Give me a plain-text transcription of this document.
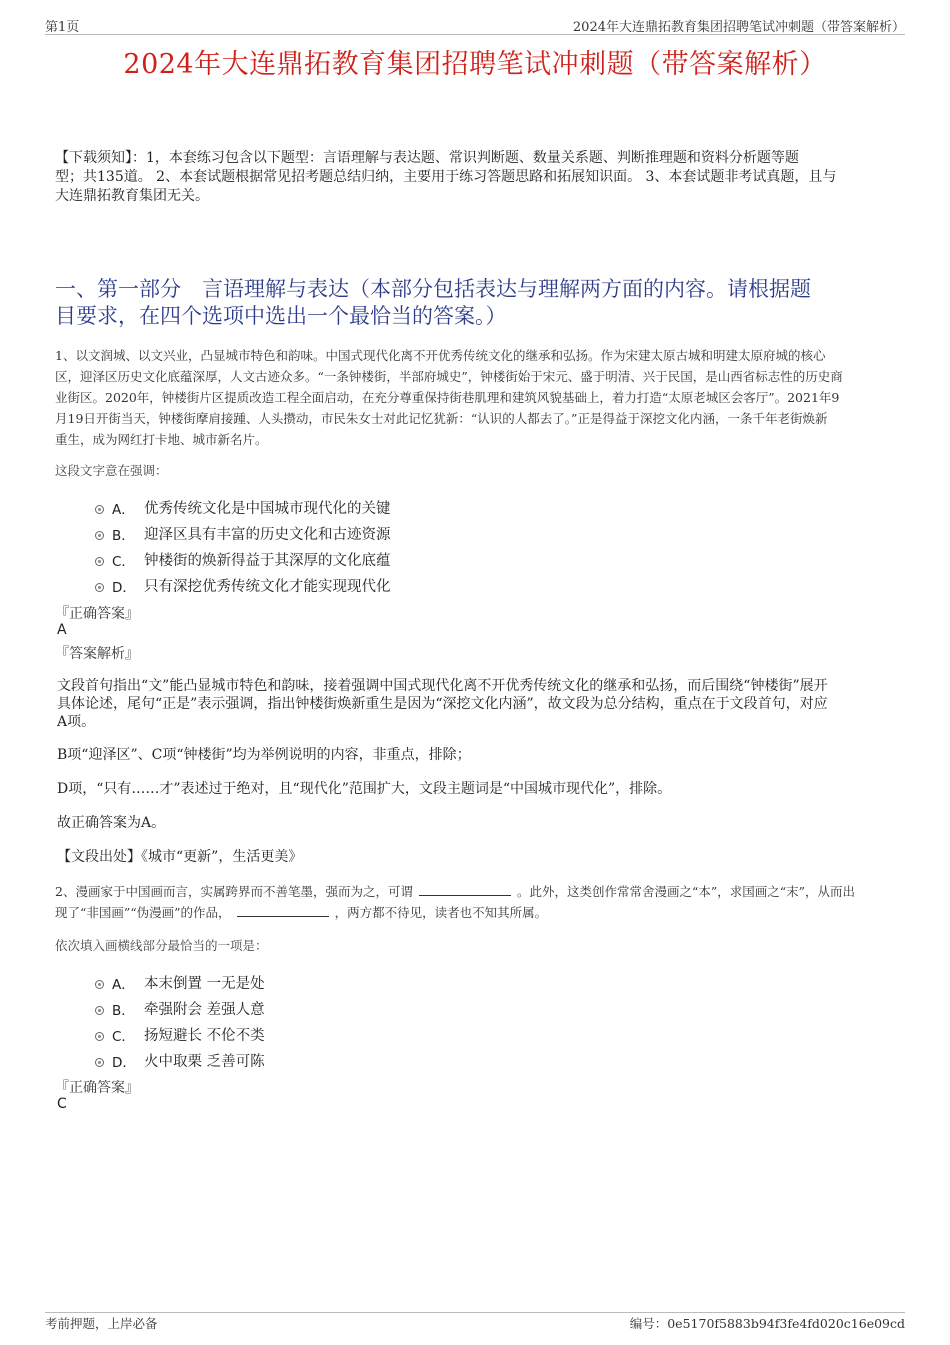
第1页	2024年大连鼎拓教育集团招聘笔试冲刺题（带答案解析）
2024年大连鼎拓教育集团招聘笔试冲刺题（带答案解析）
【下载须知】：1，本套练习包含以下题型：言语理解与表达题、常识判断题、数量关系题、判断推理题和资料分析题等题
型；共135道。 2、本套试题根据常见招考题总结归纳，主要用于练习答题思路和拓展知识面。 3、本套试题非考试真题，且与
大连鼎拓教育集团无关。
一、第一部分　言语理解与表达（本部分包括表达与理解两方面的内容。请根据题
目要求，在四个选项中选出一个最恰当的答案。）
1、以文润城、以文兴业，凸显城市特色和韵味。中国式现代化离不开优秀传统文化的继承和弘扬。作为宋建太原古城和明建太原府城的核心
区，迎泽区历史文化底蕴深厚，人文古迹众多。“一条钟楼街，半部府城史”，钟楼街始于宋元、盛于明清、兴于民国，是山西省标志性的历史商
业街区。2020年，钟楼街片区提质改造工程全面启动，在充分尊重保持街巷肌理和建筑风貌基础上，着力打造“太原老城区会客厅”。2021年9
月19日开街当天，钟楼街摩肩接踵、人头攒动，市民朱女士对此记忆犹新：“认识的人都去了。”正是得益于深挖文化内涵，一条千年老街焕新
重生，成为网红打卡地、城市新名片。
这段文字意在强调：
A． 优秀传统文化是中国城市现代化的关键
B． 迎泽区具有丰富的历史文化和古迹资源
C． 钟楼街的焕新得益于其深厚的文化底蕴
D． 只有深挖优秀传统文化才能实现现代化
『正确答案』
A
『答案解析』
文段首句指出“文”能凸显城市特色和韵味，接着强调中国式现代化离不开优秀传统文化的继承和弘扬，而后围绕“钟楼街”展开
具体论述，尾句“正是”表示强调，指出钟楼街焕新重生是因为“深挖文化内涵”，故文段为总分结构，重点在于文段首句，对应
A项。
B项“迎泽区”、C项“钟楼街”均为举例说明的内容，非重点，排除；
D项，“只有……才”表述过于绝对，且“现代化”范围扩大，文段主题词是“中国城市现代化”，排除。
故正确答案为A。
【文段出处】《城市“更新”，生活更美》
2、漫画家于中国画而言，实属跨界而不善笔墨，强而为之，可谓	。此外，这类创作常常舍漫画之“本”，求国画之“末”，从而出
现了“非国画”“伪漫画”的作品，	，两方都不待见，读者也不知其所属。
依次填入画横线部分最恰当的一项是：
A． 本末倒置 一无是处
B． 牵强附会 差强人意
C． 扬短避长 不伦不类
D． 火中取栗 乏善可陈
『正确答案』
C
考前押题，上岸必备	编号：0e5170f5883b94f3fe4fd020c16e09cd
